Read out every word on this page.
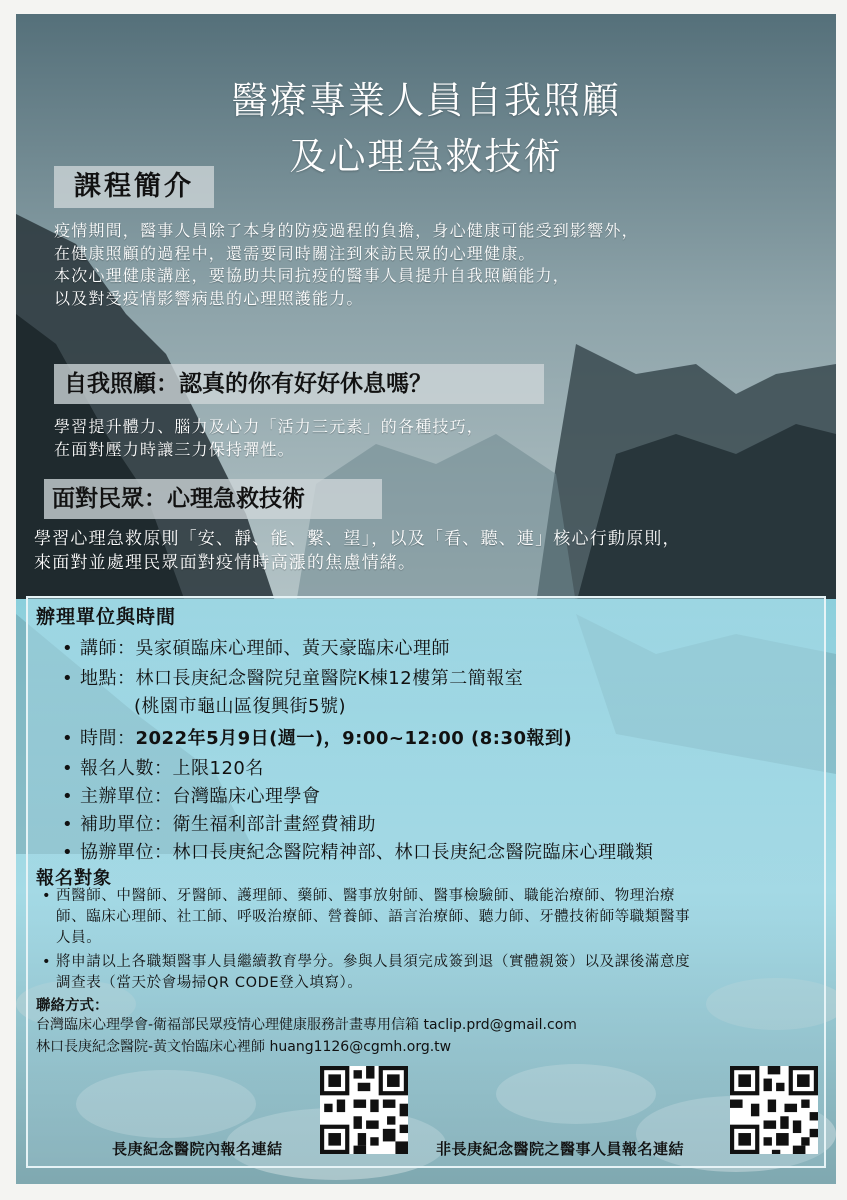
醫療專業人員自我照顧
及心理急救技術
課程簡介
疫情期間，醫事人員除了本身的防疫過程的負擔，身心健康可能受到影響外，
在健康照顧的過程中，還需要同時關注到來訪民眾的心理健康。
本次心理健康講座，要協助共同抗疫的醫事人員提升自我照顧能力，
以及對受疫情影響病患的心理照護能力。
自我照顧：認真的你有好好休息嗎？
學習提升體力、腦力及心力「活力三元素」的各種技巧，
在面對壓力時讓三力保持彈性。
面對民眾：心理急救技術
學習心理急救原則「安、靜、能、繫、望」，以及「看、聽、連」核心行動原則，
來面對並處理民眾面對疫情時高漲的焦慮情緒。
辦理單位與時間
• 講師：吳家碩臨床心理師、黃天豪臨床心理師
• 地點：林口長庚紀念醫院兒童醫院K棟12樓第二簡報室
(桃園市龜山區復興街5號)
• 時間：2022年5月9日(週一)，9:00~12:00 (8:30報到)
• 報名人數：上限120名
• 主辦單位：台灣臨床心理學會
• 補助單位：衛生福利部計畫經費補助
• 協辦單位：林口長庚紀念醫院精神部、林口長庚紀念醫院臨床心理職類
報名對象
• 西醫師、中醫師、牙醫師、護理師、藥師、醫事放射師、醫事檢驗師、職能治療師、物理治療
師、臨床心理師、社工師、呼吸治療師、營養師、語言治療師、聽力師、牙體技術師等職類醫事
人員。
• 將申請以上各職類醫事人員繼續教育學分。參與人員須完成簽到退（實體親簽）以及課後滿意度
調查表（當天於會場掃QR CODE登入填寫）。
聯絡方式：
台灣臨床心理學會-衛福部民眾疫情心理健康服務計畫專用信箱 taclip.prd@gmail.com
林口長庚紀念醫院-黃文怡臨床心裡師 huang1126@cgmh.org.tw
長庚紀念醫院內報名連結	非長庚紀念醫院之醫事人員報名連結
